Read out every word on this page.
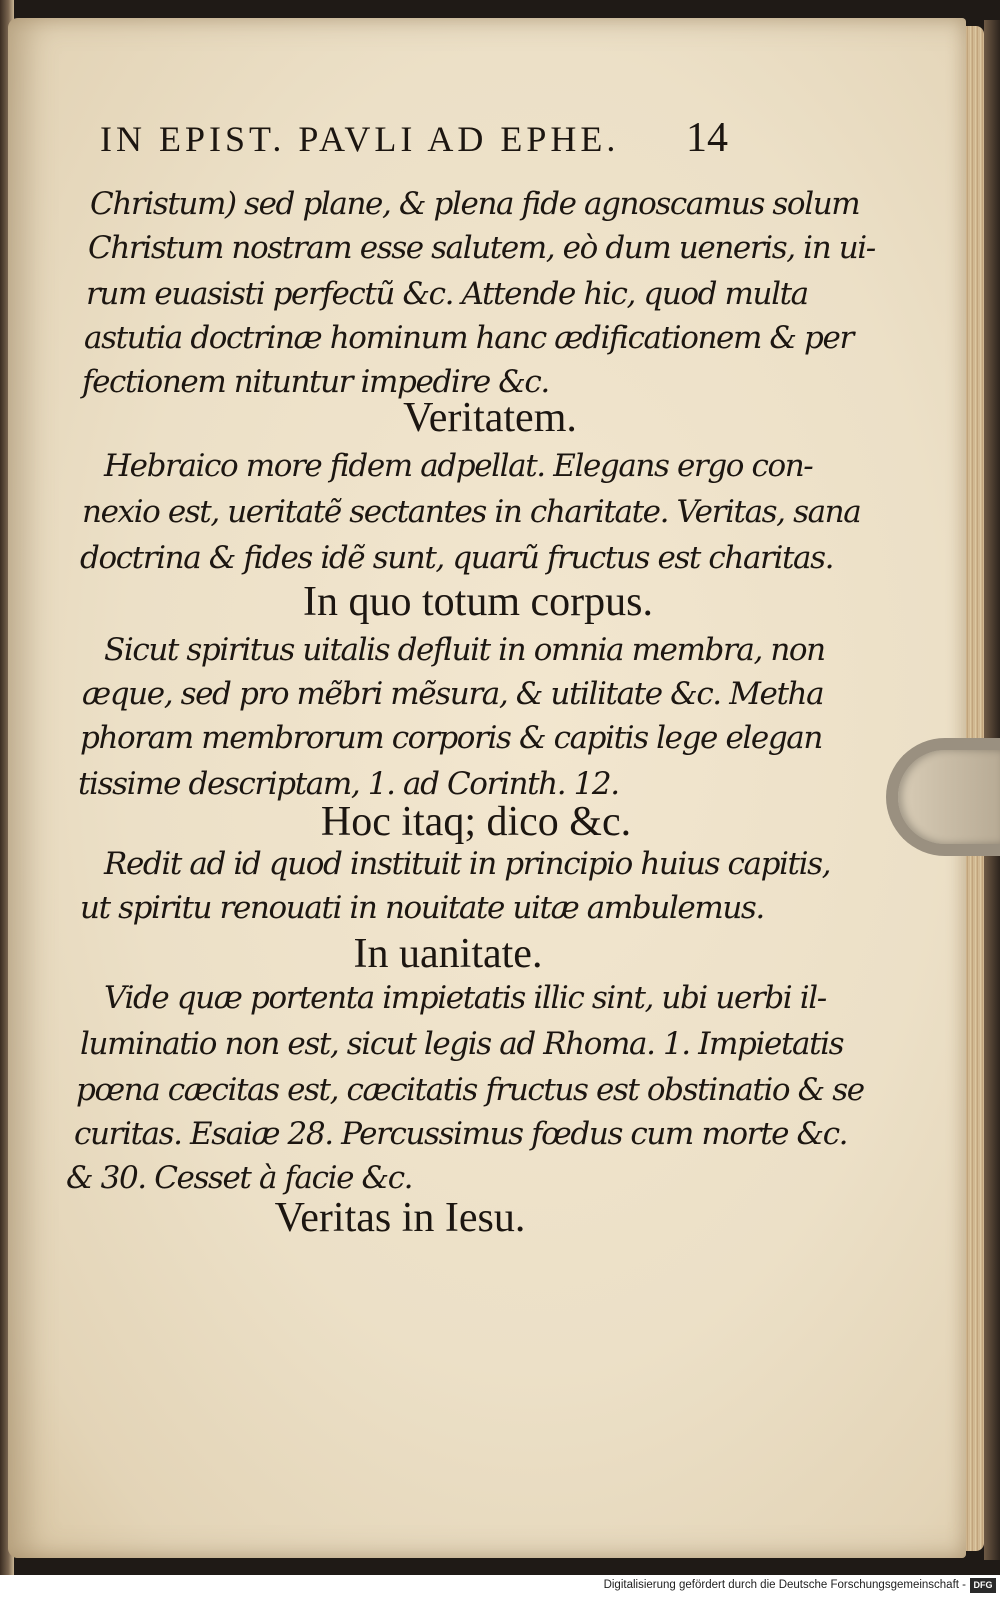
IN EPIST. PAVLI AD EPHE. 14
Christum) sed plane, & plena fide agnoscamus solum
Christum nostram esse salutem, eò dum ueneris, in ui-
rum euasisti perfectũ &c. Attende hic, quod multa
astutia doctrinæ hominum hanc ædificationem & per
fectionem nituntur impedire &c.
Veritatem.
Hebraico more fidem adpellat. Elegans ergo con-
nexio est, ueritatẽ sectantes in charitate. Veritas, sana
doctrina & fides idẽ sunt, quarũ fructus est charitas.
In quo totum corpus.
Sicut spiritus uitalis defluit in omnia membra, non
æque, sed pro mẽbri mẽsura, & utilitate &c. Metha
phoram membrorum corporis & capitis lege elegan
tissime descriptam, 1. ad Corinth. 12.
Hoc itaq; dico &c.
Redit ad id quod instituit in principio huius capitis,
ut spiritu renouati in nouitate uitæ ambulemus.
In uanitate.
Vide quæ portenta impietatis illic sint, ubi uerbi il-
luminatio non est, sicut legis ad Rhoma. 1. Impietatis
pœna cæcitas est, cæcitatis fructus est obstinatio & se
curitas. Esaiæ 28. Percussimus fœdus cum morte &c.
& 30. Cesset à facie &c.
Veritas in Iesu.
Digitalisierung gefördert durch die Deutsche Forschungsgemeinschaft - DFG
